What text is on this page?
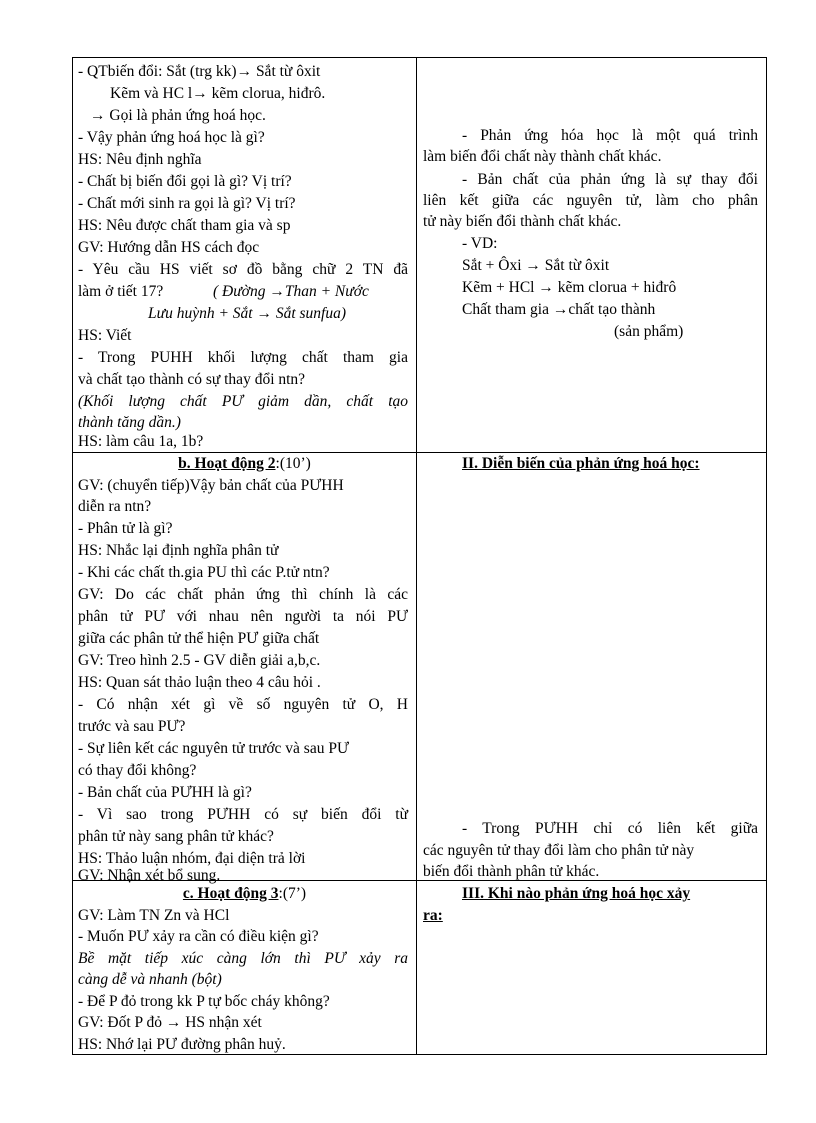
- QTbiến đổi: Sắt (trg kk)→ Sắt từ ôxit
Kẽm và HC l→ kẽm clorua, hiđrô.
→ Gọi là phản ứng hoá học.
- Vậy phản ứng hoá học là gì?
HS: Nêu định nghĩa
- Chất bị biến đổi gọi là gì? Vị trí?
- Chất mới sinh ra gọi là gì? Vị trí?
HS: Nêu được chất tham gia và sp
GV: Hướng dẫn HS cách đọc
- Yêu cầu HS viết sơ đồ bằng chữ 2 TN đã
làm ở tiết 17?	( Đường →Than + Nước
Lưu huỳnh + Sắt → Sắt sunfua)
HS: Viết
- Trong PUHH khối lượng chất tham gia
và chất tạo thành có sự thay đổi ntn?
(Khối lượng chất PƯ giảm dần, chất tạo
thành tăng dần.)
HS: làm câu 1a, 1b?
- Phản ứng hóa học là một quá trình
làm biến đổi chất này thành chất khác.
- Bản chất của phản ứng là sự thay đổi
liên kết giữa các nguyên tử, làm cho phân
tử này biến đổi thành chất khác.
- VD:
Sắt + Ôxi → Sắt từ ôxit
Kẽm + HCl → kẽm clorua + hiđrô
Chất tham gia →chất tạo thành
(sản phẩm)
b. Hoạt động 2:(10’)
GV: (chuyển tiếp)Vậy bản chất của PƯHH
diễn ra ntn?
- Phân tử là gì?
HS: Nhắc lại định nghĩa phân tử
- Khi các chất th.gia PU thì các P.tử ntn?
GV: Do các chất phản ứng thì chính là các
phân tử PƯ với nhau nên người ta nói PƯ
giữa các phân tử thể hiện PƯ giữa chất
GV: Treo hình 2.5 - GV diễn giải a,b,c.
HS: Quan sát thảo luận theo 4 câu hỏi .
- Có nhận xét gì về số nguyên tử O, H
trước và sau PƯ?
- Sự liên kết các nguyên tử trước và sau PƯ
có thay đổi không?
- Bản chất của PƯHH là gì?
- Vì sao trong PƯHH có sự biến đổi từ
phân tử này sang phân tử khác?
HS: Thảo luận nhóm, đại diện trả lời
GV: Nhận xét bổ sung.
II. Diễn biến của phản ứng hoá học:
- Trong PƯHH chỉ có liên kết giữa
các nguyên tử thay đổi làm cho phân tử này
biến đổi thành phân tử khác.
c. Hoạt động 3:(7’)
GV: Làm TN Zn và HCl
- Muốn PƯ xảy ra cần có điều kiện gì?
Bề mặt tiếp xúc càng lớn thì PƯ xảy ra
càng dễ và nhanh (bột)
- Để P đỏ trong kk P tự bốc cháy không?
GV: Đốt P đỏ → HS nhận xét
HS: Nhớ lại PƯ đường phân huỷ.
III. Khi nào phản ứng hoá học xảy
ra:
